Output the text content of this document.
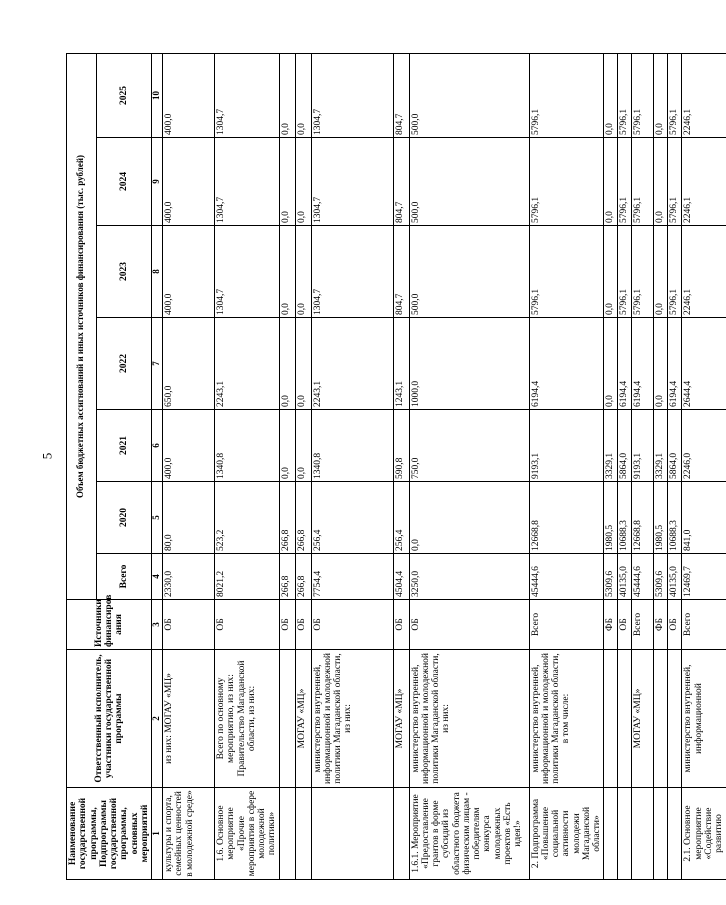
5
Наименование государственной программы, Подпрограммы государственной программы, основных мероприятий	Ответственный исполнитель, участники государственной программы	Источники финансиров ания	Объем бюджетных ассигнований и иных источников финансирования (тыс. рублей)						
			Всего	2020	2021	2022	2023	2024	2025
1	2	3	4	5	6	7	8	9	10
культуры и спорта, семейных ценностей в молодежной среде»	из них: МОГАУ «МЦ»	ОБ	2330,0	80,0	400,0	650,0	400,0	400,0	400,0
1.6. Основное мероприятие «Прочие мероприятия в сфере молодежной политики»	Всего по основному мероприятию, из них: Правительство Магаданской области, из них:	ОБ	8021,2	523,2	1340,8	2243,1	1304,7	1304,7	1304,7
		ОБ	266,8	266,8	0,0	0,0	0,0	0,0	0,0
	МОГАУ «МЦ»	ОБ	266,8	266,8	0,0	0,0	0,0	0,0	0,0
	министерство внутренней, информационной и молодежной политики Магаданской области, из них:	ОБ	7754,4	256,4	1340,8	2243,1	1304,7	1304,7	1304,7
	МОГАУ «МЦ»	ОБ	4504,4	256,4	590,8	1243,1	804,7	804,7	804,7
1.6.1. Мероприятие «Предоставление грантов в форме субсидий из областного бюджета физическим лицам - победителям конкурса молодежных проектов «Есть идея!»	министерство внутренней, информационной и молодежной политики Магаданской области, из них:	ОБ	3250,0	0,0	750,0	1000,0	500,0	500,0	500,0
2. Подпрограмма «Повышение социальной активности молодежи Магаданской области»	министерство внутренней, информационной и молодежной политики Магаданской области, в том числе:	Всего	45444,6	12668,8	9193,1	6194,4	5796,1	5796,1	5796,1
		ФБ	5309,6	1980,5	3329,1	0,0	0,0	0,0	0,0
		ОБ	40135,0	10688,3	5864,0	6194,4	5796,1	5796,1	5796,1
	МОГАУ «МЦ»	Всего	45444,6	12668,8	9193,1	6194,4	5796,1	5796,1	5796,1
		ФБ	5309,6	1980,5	3329,1	0,0	0,0	0,0	0,0
		ОБ	40135,0	10688,3	5864,0	6194,4	5796,1	5796,1	5796,1
2.1. Основное мероприятие «Содействие развитию	министерство внутренней, информационной	Всего	12469,7	841,0	2246,0	2644,4	2246,1	2246,1	2246,1
